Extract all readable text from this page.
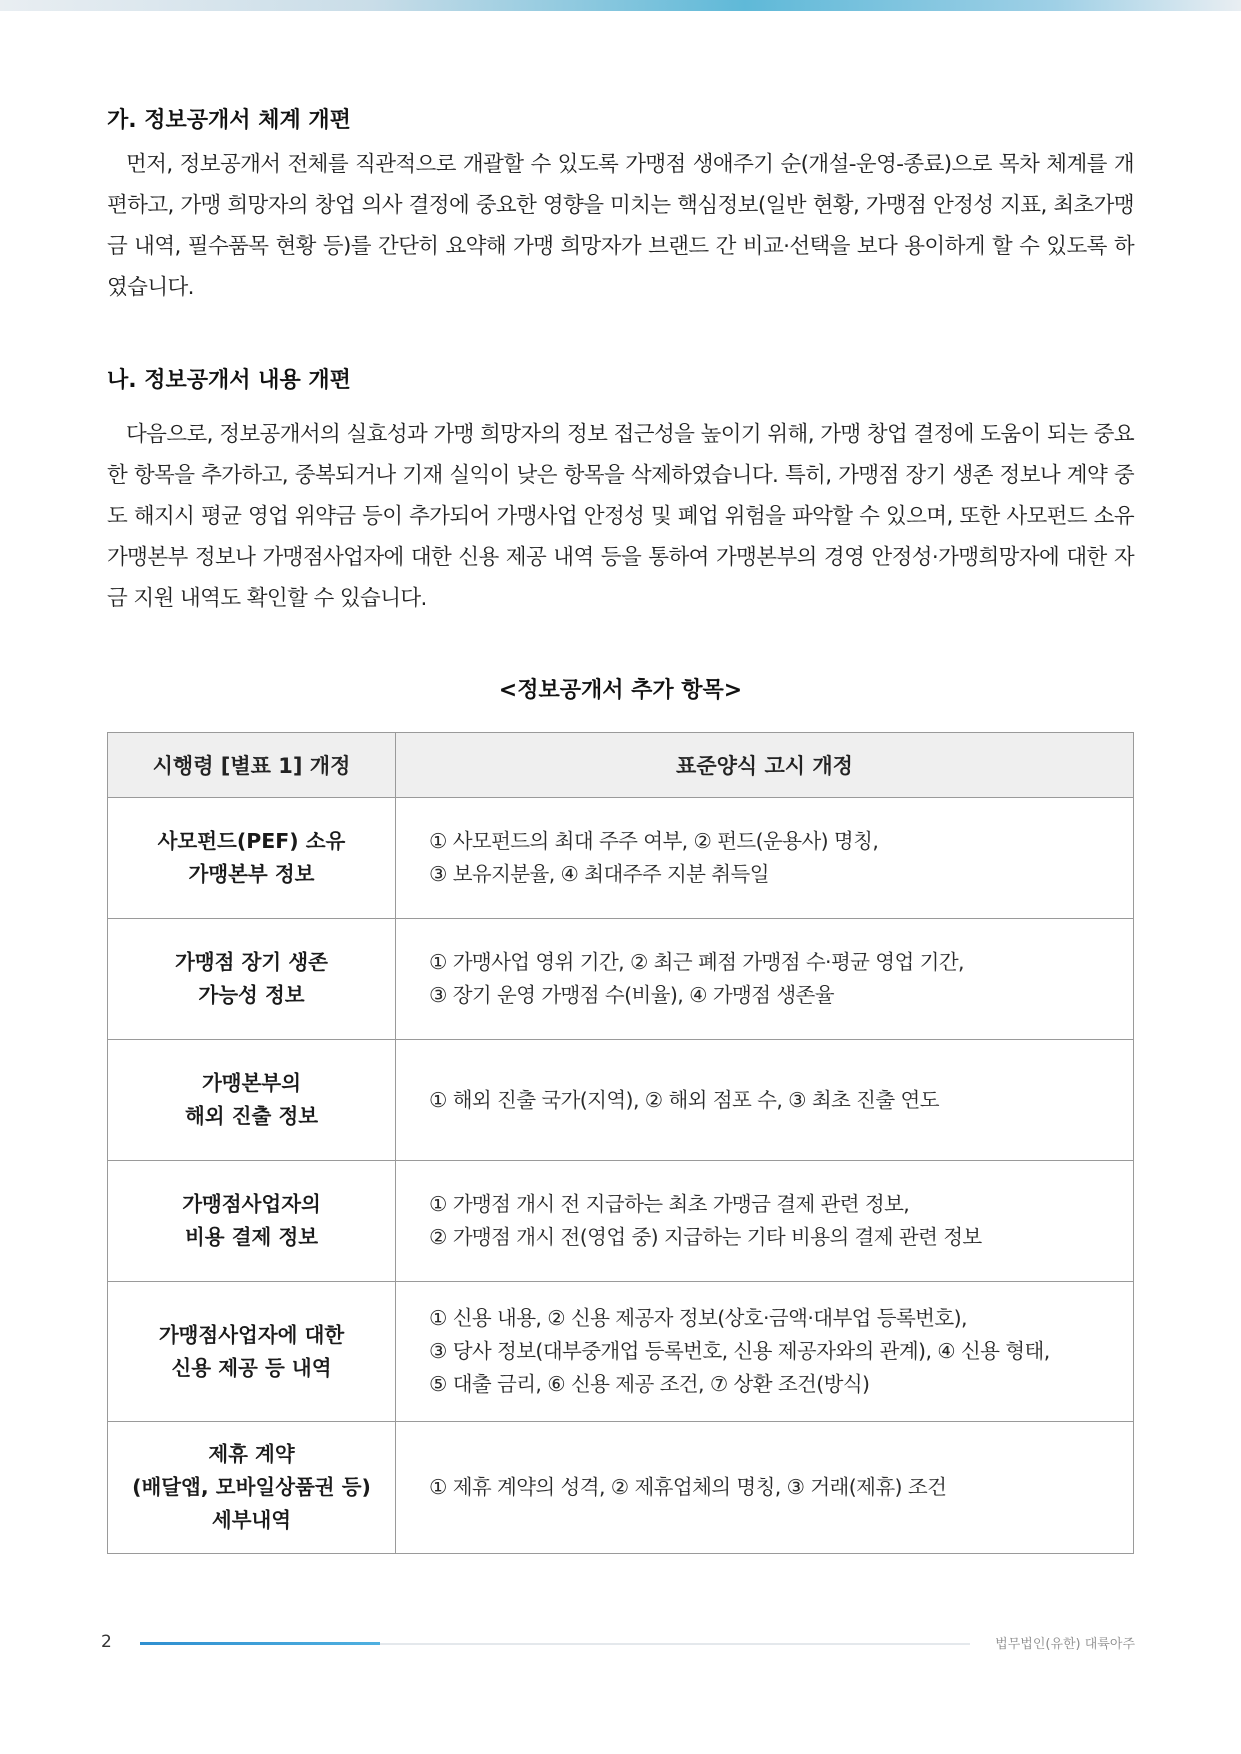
가. 정보공개서 체계 개편

먼저, 정보공개서 전체를 직관적으로 개괄할 수 있도록 가맹점 생애주기 순(개설-운영-종료)으로 목차 체계를 개편하고, 가맹 희망자의 창업 의사 결정에 중요한 영향을 미치는 핵심정보(일반 현황, 가맹점 안정성 지표, 최초가맹금 내역, 필수품목 현황 등)를 간단히 요약해 가맹 희망자가 브랜드 간 비교·선택을 보다 용이하게 할 수 있도록 하였습니다.

나. 정보공개서 내용 개편

다음으로, 정보공개서의 실효성과 가맹 희망자의 정보 접근성을 높이기 위해, 가맹 창업 결정에 도움이 되는 중요한 항목을 추가하고, 중복되거나 기재 실익이 낮은 항목을 삭제하였습니다. 특히, 가맹점 장기 생존 정보나 계약 중도 해지시 평균 영업 위약금 등이 추가되어 가맹사업 안정성 및 폐업 위험을 파악할 수 있으며, 또한 사모펀드 소유 가맹본부 정보나 가맹점사업자에 대한 신용 제공 내역 등을 통하여 가맹본부의 경영 안정성·가맹희망자에 대한 자금 지원 내역도 확인할 수 있습니다.

<정보공개서 추가 항목>
시행령 [별표 1] 개정	표준양식 고시 개정

사모펀드(PEF) 소유
가맹본부 정보	① 사모펀드의 최대 주주 여부, ② 펀드(운용사) 명칭,
③ 보유지분율, ④ 최대주주 지분 취득일

가맹점 장기 생존
가능성 정보	① 가맹사업 영위 기간, ② 최근 폐점 가맹점 수·평균 영업 기간,
③ 장기 운영 가맹점 수(비율), ④ 가맹점 생존율

가맹본부의
해외 진출 정보	① 해외 진출 국가(지역), ② 해외 점포 수, ③ 최초 진출 연도

가맹점사업자의
비용 결제 정보	① 가맹점 개시 전 지급하는 최초 가맹금 결제 관련 정보,
② 가맹점 개시 전(영업 중) 지급하는 기타 비용의 결제 관련 정보

가맹점사업자에 대한
신용 제공 등 내역	① 신용 내용, ② 신용 제공자 정보(상호·금액·대부업 등록번호),
③ 당사 정보(대부중개업 등록번호, 신용 제공자와의 관계), ④ 신용 형태,
⑤ 대출 금리, ⑥ 신용 제공 조건, ⑦ 상환 조건(방식)

제휴 계약
(배달앱, 모바일상품권 등)
세부내역	① 제휴 계약의 성격, ② 제휴업체의 명칭, ③ 거래(제휴) 조건
2	법무법인(유한) 대륙아주
